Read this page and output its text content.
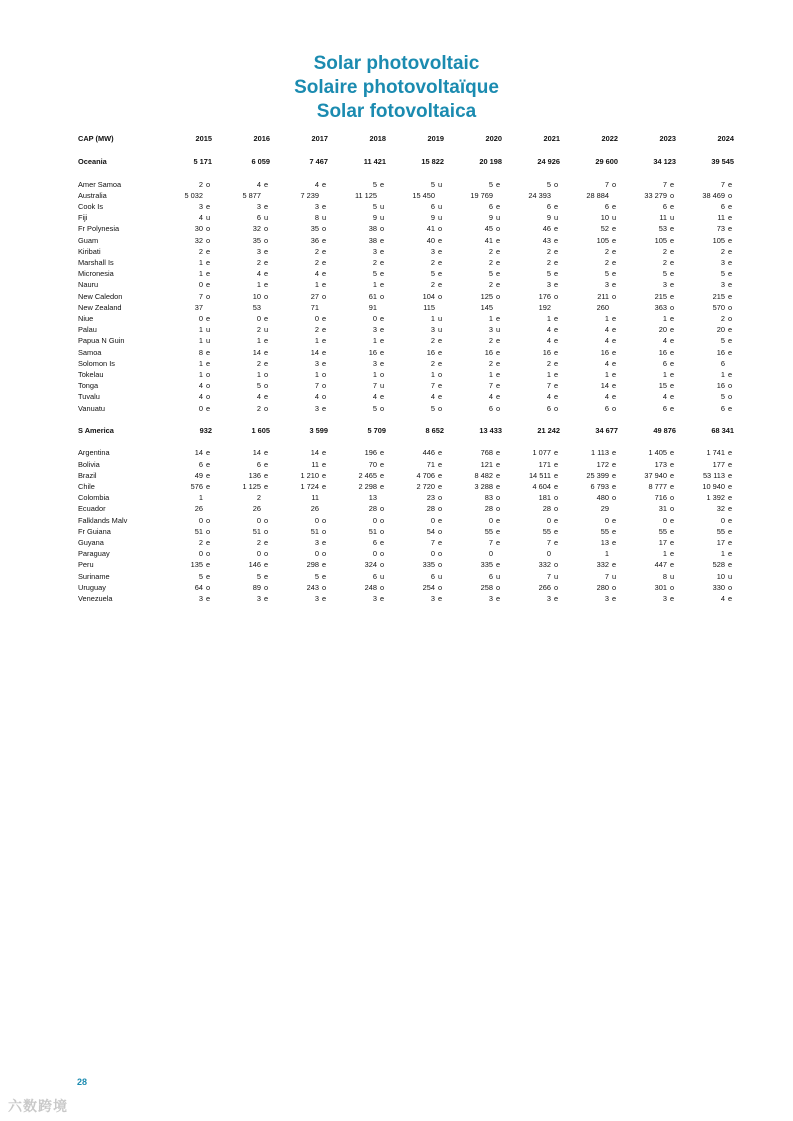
Solar photovoltaic
Solaire photovoltaïque
Solar fotovoltaica
CAP (MW)	2015		2016		2017		2018		2019		2020		2021		2022		2023		2024	

Oceania	5 171		6 059		7 467		11 421		15 822		20 198		24 926		29 600		34 123		39 545	

Amer Samoa	2	o	4	e	4	e	5	e	5	u	5	e	5	o	7	o	7	e	7	e
Australia	5 032		5 877		7 239		11 125		15 450		19 769		24 393		28 884		33 279	o	38 469	o
Cook Is	3	e	3	e	3	e	5	u	6	u	6	e	6	e	6	e	6	e	6	e
Fiji	4	u	6	u	8	u	9	u	9	u	9	u	9	u	10	u	11	u	11	e
Fr Polynesia	30	o	32	o	35	o	38	o	41	o	45	o	46	e	52	e	53	e	73	e
Guam	32	o	35	o	36	e	38	e	40	e	41	e	43	e	105	e	105	e	105	e
Kiribati	2	e	3	e	2	e	3	e	3	e	2	e	2	e	2	e	2	e	2	e
Marshall Is	1	e	2	e	2	e	2	e	2	e	2	e	2	e	2	e	2	e	3	e
Micronesia	1	e	4	e	4	e	5	e	5	e	5	e	5	e	5	e	5	e	5	e
Nauru	0	e	1	e	1	e	1	e	2	e	2	e	3	e	3	e	3	e	3	e
New Caledon	7	o	10	o	27	o	61	o	104	o	125	o	176	o	211	o	215	e	215	e
New Zealand	37		53		71		91		115		145		192		260		363	o	570	o
Niue	0	e	0	e	0	e	0	e	1	u	1	e	1	e	1	e	1	e	2	o
Palau	1	u	2	u	2	e	3	e	3	u	3	u	4	e	4	e	20	e	20	e
Papua N Guin	1	u	1	e	1	e	1	e	2	e	2	e	4	e	4	e	4	e	5	e
Samoa	8	e	14	e	14	e	16	e	16	e	16	e	16	e	16	e	16	e	16	e
Solomon Is	1	e	2	e	3	e	3	e	2	e	2	e	2	e	4	e	6	e	6	
Tokelau	1	o	1	o	1	o	1	o	1	o	1	e	1	e	1	e	1	e	1	e
Tonga	4	o	5	o	7	o	7	u	7	e	7	e	7	e	14	e	15	e	16	o
Tuvalu	4	o	4	e	4	o	4	e	4	e	4	e	4	e	4	e	4	e	5	o
Vanuatu	0	e	2	o	3	e	5	o	5	o	6	o	6	o	6	o	6	e	6	e

S America	932		1 605		3 599		5 709		8 652		13 433		21 242		34 677		49 876		68 341	

Argentina	14	e	14	e	14	e	196	e	446	e	768	e	1 077	e	1 113	e	1 405	e	1 741	e
Bolivia	6	e	6	e	11	e	70	e	71	e	121	e	171	e	172	e	173	e	177	e
Brazil	49	e	136	e	1 210	e	2 465	e	4 706	e	8 482	e	14 511	e	25 399	e	37 940	e	53 113	e
Chile	576	e	1 125	e	1 724	e	2 298	e	2 720	e	3 288	e	4 604	e	6 793	e	8 777	e	10 940	e
Colombia	1		2		11		13		23	o	83	o	181	o	480	o	716	o	1 392	e
Ecuador	26		26		26		28	o	28	o	28	o	28	o	29		31	o	32	e
Falklands Malv	0	o	0	o	0	o	0	o	0	e	0	e	0	e	0	e	0	e	0	e
Fr Guiana	51	o	51	o	51	o	51	o	54	o	55	e	55	e	55	e	55	e	55	e
Guyana	2	e	2	e	3	e	6	e	7	e	7	e	7	e	13	e	17	e	17	e
Paraguay	0	o	0	o	0	o	0	o	0	o	0		0		1		1	e	1	e
Peru	135	e	146	e	298	e	324	o	335	o	335	e	332	o	332	e	447	e	528	e
Suriname	5	e	5	e	5	e	6	u	6	u	6	u	7	u	7	u	8	u	10	u
Uruguay	64	o	89	o	243	o	248	o	254	o	258	o	266	o	280	o	301	o	330	o
Venezuela	3	e	3	e	3	e	3	e	3	e	3	e	3	e	3	e	3	e	4	e
28
六数跨境
